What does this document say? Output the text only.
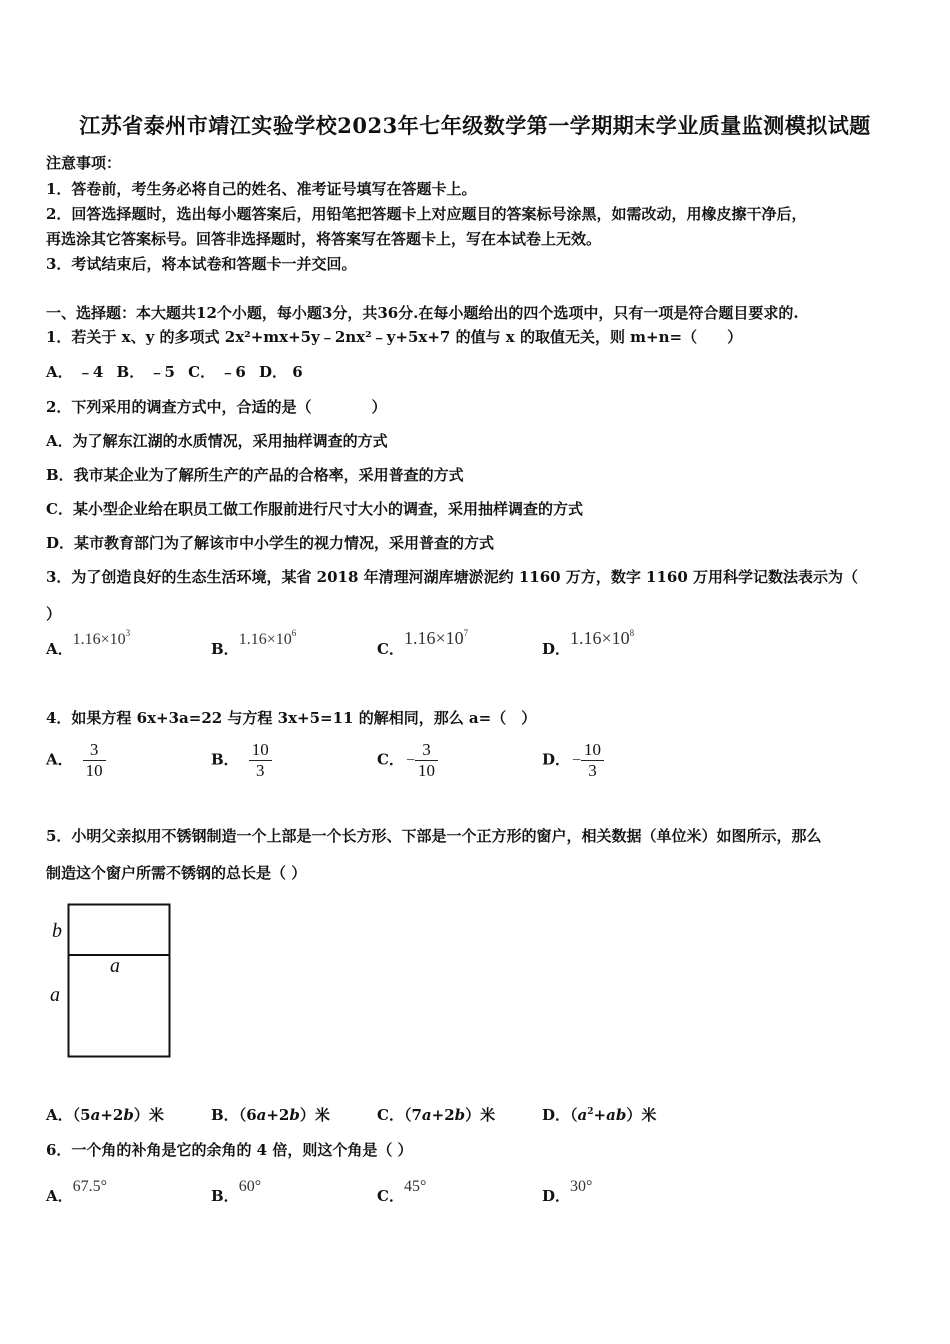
江苏省泰州市靖江实验学校2023年七年级数学第一学期期末学业质量监测模拟试题
注意事项：
1．答卷前，考生务必将自己的姓名、准考证号填写在答题卡上。
2．回答选择题时，选出每小题答案后，用铅笔把答题卡上对应题目的答案标号涂黑，如需改动，用橡皮擦干净后，
再选涂其它答案标号。回答非选择题时，将答案写在答题卡上，写在本试卷上无效。
3．考试结束后，将本试卷和答题卡一并交回。
一、选择题：本大题共12个小题，每小题3分，共36分.在每小题给出的四个选项中，只有一项是符合题目要求的.
1．若关于 x、y 的多项式 2x²+mx+5y﹣2nx²﹣y+5x+7 的值与 x 的取值无关，则 m+n=（　　）
A． ﹣4 B． ﹣5 C． ﹣6 D． 6
2．下列采用的调查方式中，合适的是（　　　　）
A．为了解东江湖的水质情况，采用抽样调查的方式
B．我市某企业为了解所生产的产品的合格率，采用普查的方式
C．某小型企业给在职员工做工作服前进行尺寸大小的调查，采用抽样调查的方式
D．某市教育部门为了解该市中小学生的视力情况，采用普查的方式
3．为了创造良好的生态生活环境，某省 2018 年清理河湖库塘淤泥约 1160 万方，数字 1160 万用科学记数法表示为（
）
A．$1.16\times 10^3$
B．$1.16\times 10^6$
C．$1.16\times 10^7$
D．$1.16\times 10^8$
4．如果方程 6x+3a=22 与方程 3x+5=11 的解相同，那么 a=（　）
A． $\frac{3}{10}$	B． $\frac{10}{3}$	C． − $\frac{3}{10}$	D． − $\frac{10}{3}$
5．小明父亲拟用不锈钢制造一个上部是一个长方形、下部是一个正方形的窗户，相关数据（单位米）如图所示，那么
制造这个窗户所需不锈钢的总长是（ ）
b
a
a
A．（5a+2b）米	B．（6a+2b）米	C．（7a+2b）米	D．$(a^2+ab)$米
6．一个角的补角是它的余角的 4 倍，则这个角是（ ）
A．67.5°
B．60°
C．45°
D．30°
